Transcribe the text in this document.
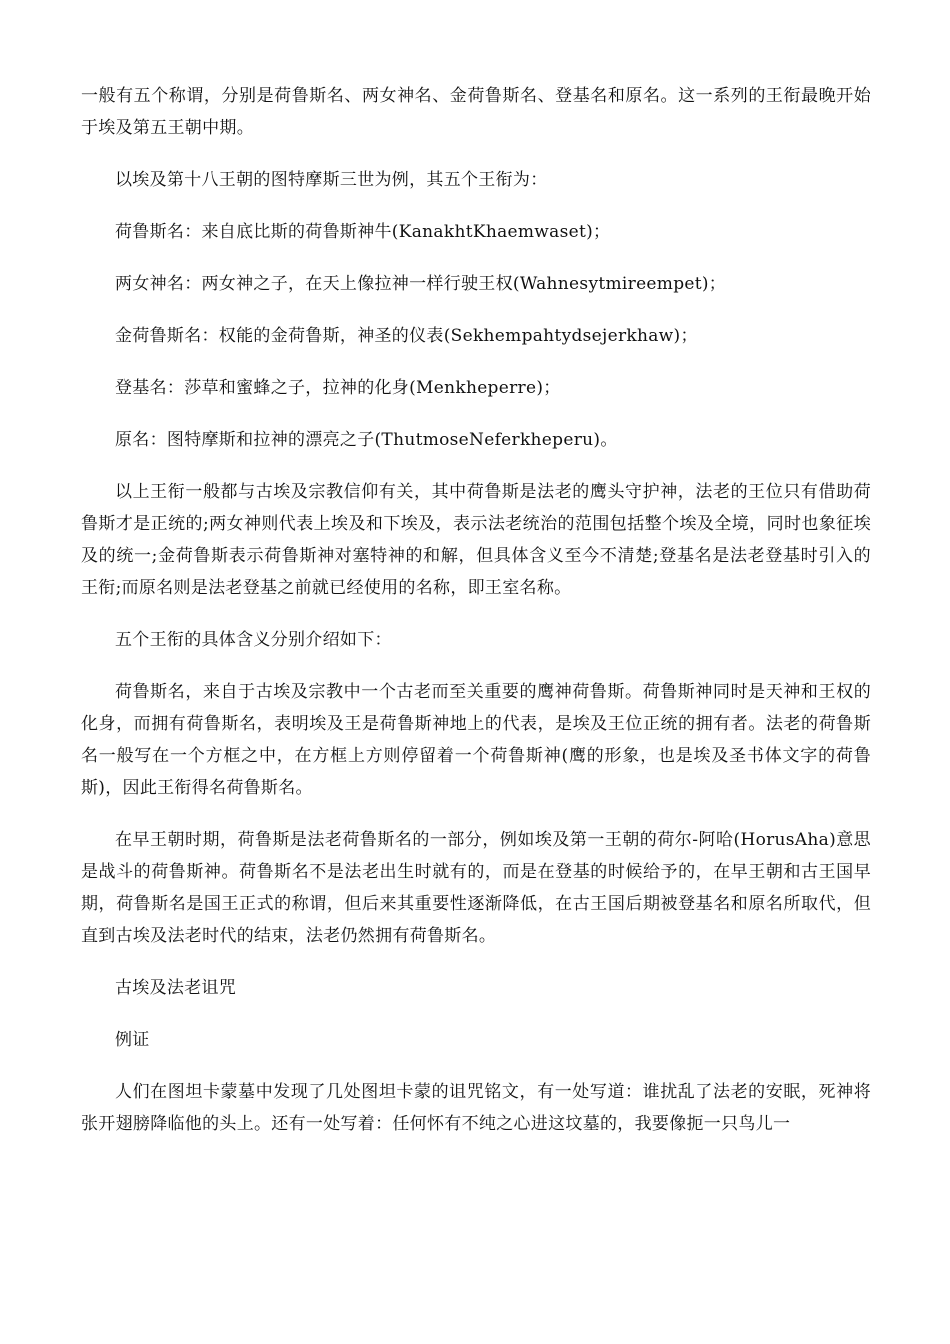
一般有五个称谓，分别是荷鲁斯名、两女神名、金荷鲁斯名、登基名和原名。这一系列的王衔最晚开始于埃及第五王朝中期。

以埃及第十八王朝的图特摩斯三世为例，其五个王衔为：

荷鲁斯名：来自底比斯的荷鲁斯神牛(KanakhtKhaemwaset)；

两女神名：两女神之子，在天上像拉神一样行驶王权(Wahnesytmireempet)；

金荷鲁斯名：权能的金荷鲁斯，神圣的仪表(Sekhempahtydsejerkhaw)；

登基名：莎草和蜜蜂之子，拉神的化身(Menkheperre)；

原名：图特摩斯和拉神的漂亮之子(ThutmoseNeferkheperu)。

以上王衔一般都与古埃及宗教信仰有关，其中荷鲁斯是法老的鹰头守护神，法老的王位只有借助荷鲁斯才是正统的;两女神则代表上埃及和下埃及，表示法老统治的范围包括整个埃及全境，同时也象征埃及的统一;金荷鲁斯表示荷鲁斯神对塞特神的和解，但具体含义至今不清楚;登基名是法老登基时引入的王衔;而原名则是法老登基之前就已经使用的名称，即王室名称。

五个王衔的具体含义分别介绍如下：

荷鲁斯名，来自于古埃及宗教中一个古老而至关重要的鹰神荷鲁斯。荷鲁斯神同时是天神和王权的化身，而拥有荷鲁斯名，表明埃及王是荷鲁斯神地上的代表，是埃及王位正统的拥有者。法老的荷鲁斯名一般写在一个方框之中，在方框上方则停留着一个荷鲁斯神(鹰的形象，也是埃及圣书体文字的荷鲁斯)，因此王衔得名荷鲁斯名。

在早王朝时期，荷鲁斯是法老荷鲁斯名的一部分，例如埃及第一王朝的荷尔-阿哈(HorusAha)意思是战斗的荷鲁斯神。荷鲁斯名不是法老出生时就有的，而是在登基的时候给予的，在早王朝和古王国早期，荷鲁斯名是国王正式的称谓，但后来其重要性逐渐降低，在古王国后期被登基名和原名所取代，但直到古埃及法老时代的结束，法老仍然拥有荷鲁斯名。

古埃及法老诅咒

例证

人们在图坦卡蒙墓中发现了几处图坦卡蒙的诅咒铭文，有一处写道：谁扰乱了法老的安眠，死神将张开翅膀降临他的头上。还有一处写着：任何怀有不纯之心进这坟墓的，我要像扼一只鸟儿一
